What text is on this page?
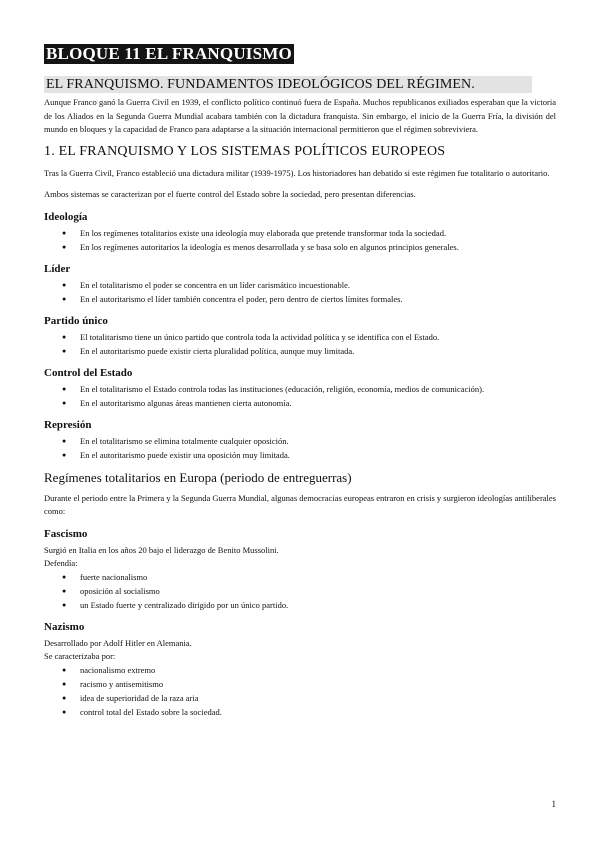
BLOQUE 11 EL FRANQUISMO
EL FRANQUISMO. FUNDAMENTOS IDEOLÓGICOS DEL RÉGIMEN.

Aunque Franco ganó la Guerra Civil en 1939, el conflicto político continuó fuera de España. Muchos republicanos exiliados esperaban que la victoria de los Aliados en la Segunda Guerra Mundial acabara también con la dictadura franquista. Sin embargo, el inicio de la Guerra Fría, la división del mundo en bloques y la capacidad de Franco para adaptarse a la situación internacional permitieron que el régimen sobreviviera.

1. EL FRANQUISMO Y LOS SISTEMAS POLÍTICOS EUROPEOS

Tras la Guerra Civil, Franco estableció una dictadura militar (1939-1975). Los historiadores han debatido si este régimen fue totalitario o autoritario.

Ambos sistemas se caracterizan por el fuerte control del Estado sobre la sociedad, pero presentan diferencias.

Ideología
● En los regímenes totalitarios existe una ideología muy elaborada que pretende transformar toda la sociedad.
● En los regímenes autoritarios la ideología es menos desarrollada y se basa solo en algunos principios generales.
Líder
● En el totalitarismo el poder se concentra en un líder carismático incuestionable.
● En el autoritarismo el líder también concentra el poder, pero dentro de ciertos límites formales.
Partido único
● El totalitarismo tiene un único partido que controla toda la actividad política y se identifica con el Estado.
● En el autoritarismo puede existir cierta pluralidad política, aunque muy limitada.
Control del Estado
● En el totalitarismo el Estado controla todas las instituciones (educación, religión, economía, medios de comunicación).
● En el autoritarismo algunas áreas mantienen cierta autonomía.
Represión
● En el totalitarismo se elimina totalmente cualquier oposición.
● En el autoritarismo puede existir una oposición muy limitada.
Regímenes totalitarios en Europa (periodo de entreguerras)

Durante el periodo entre la Primera y la Segunda Guerra Mundial, algunas democracias europeas entraron en crisis y surgieron ideologías antiliberales como:

Fascismo

Surgió en Italia en los años 20 bajo el liderazgo de Benito Mussolini.

Defendía:

● fuerte nacionalismo
● oposición al socialismo
● un Estado fuerte y centralizado dirigido por un único partido.
Nazismo

Desarrollado por Adolf Hitler en Alemania.

Se caracterizaba por:

● nacionalismo extremo
● racismo y antisemitismo
● idea de superioridad de la raza aria
● control total del Estado sobre la sociedad.
1
